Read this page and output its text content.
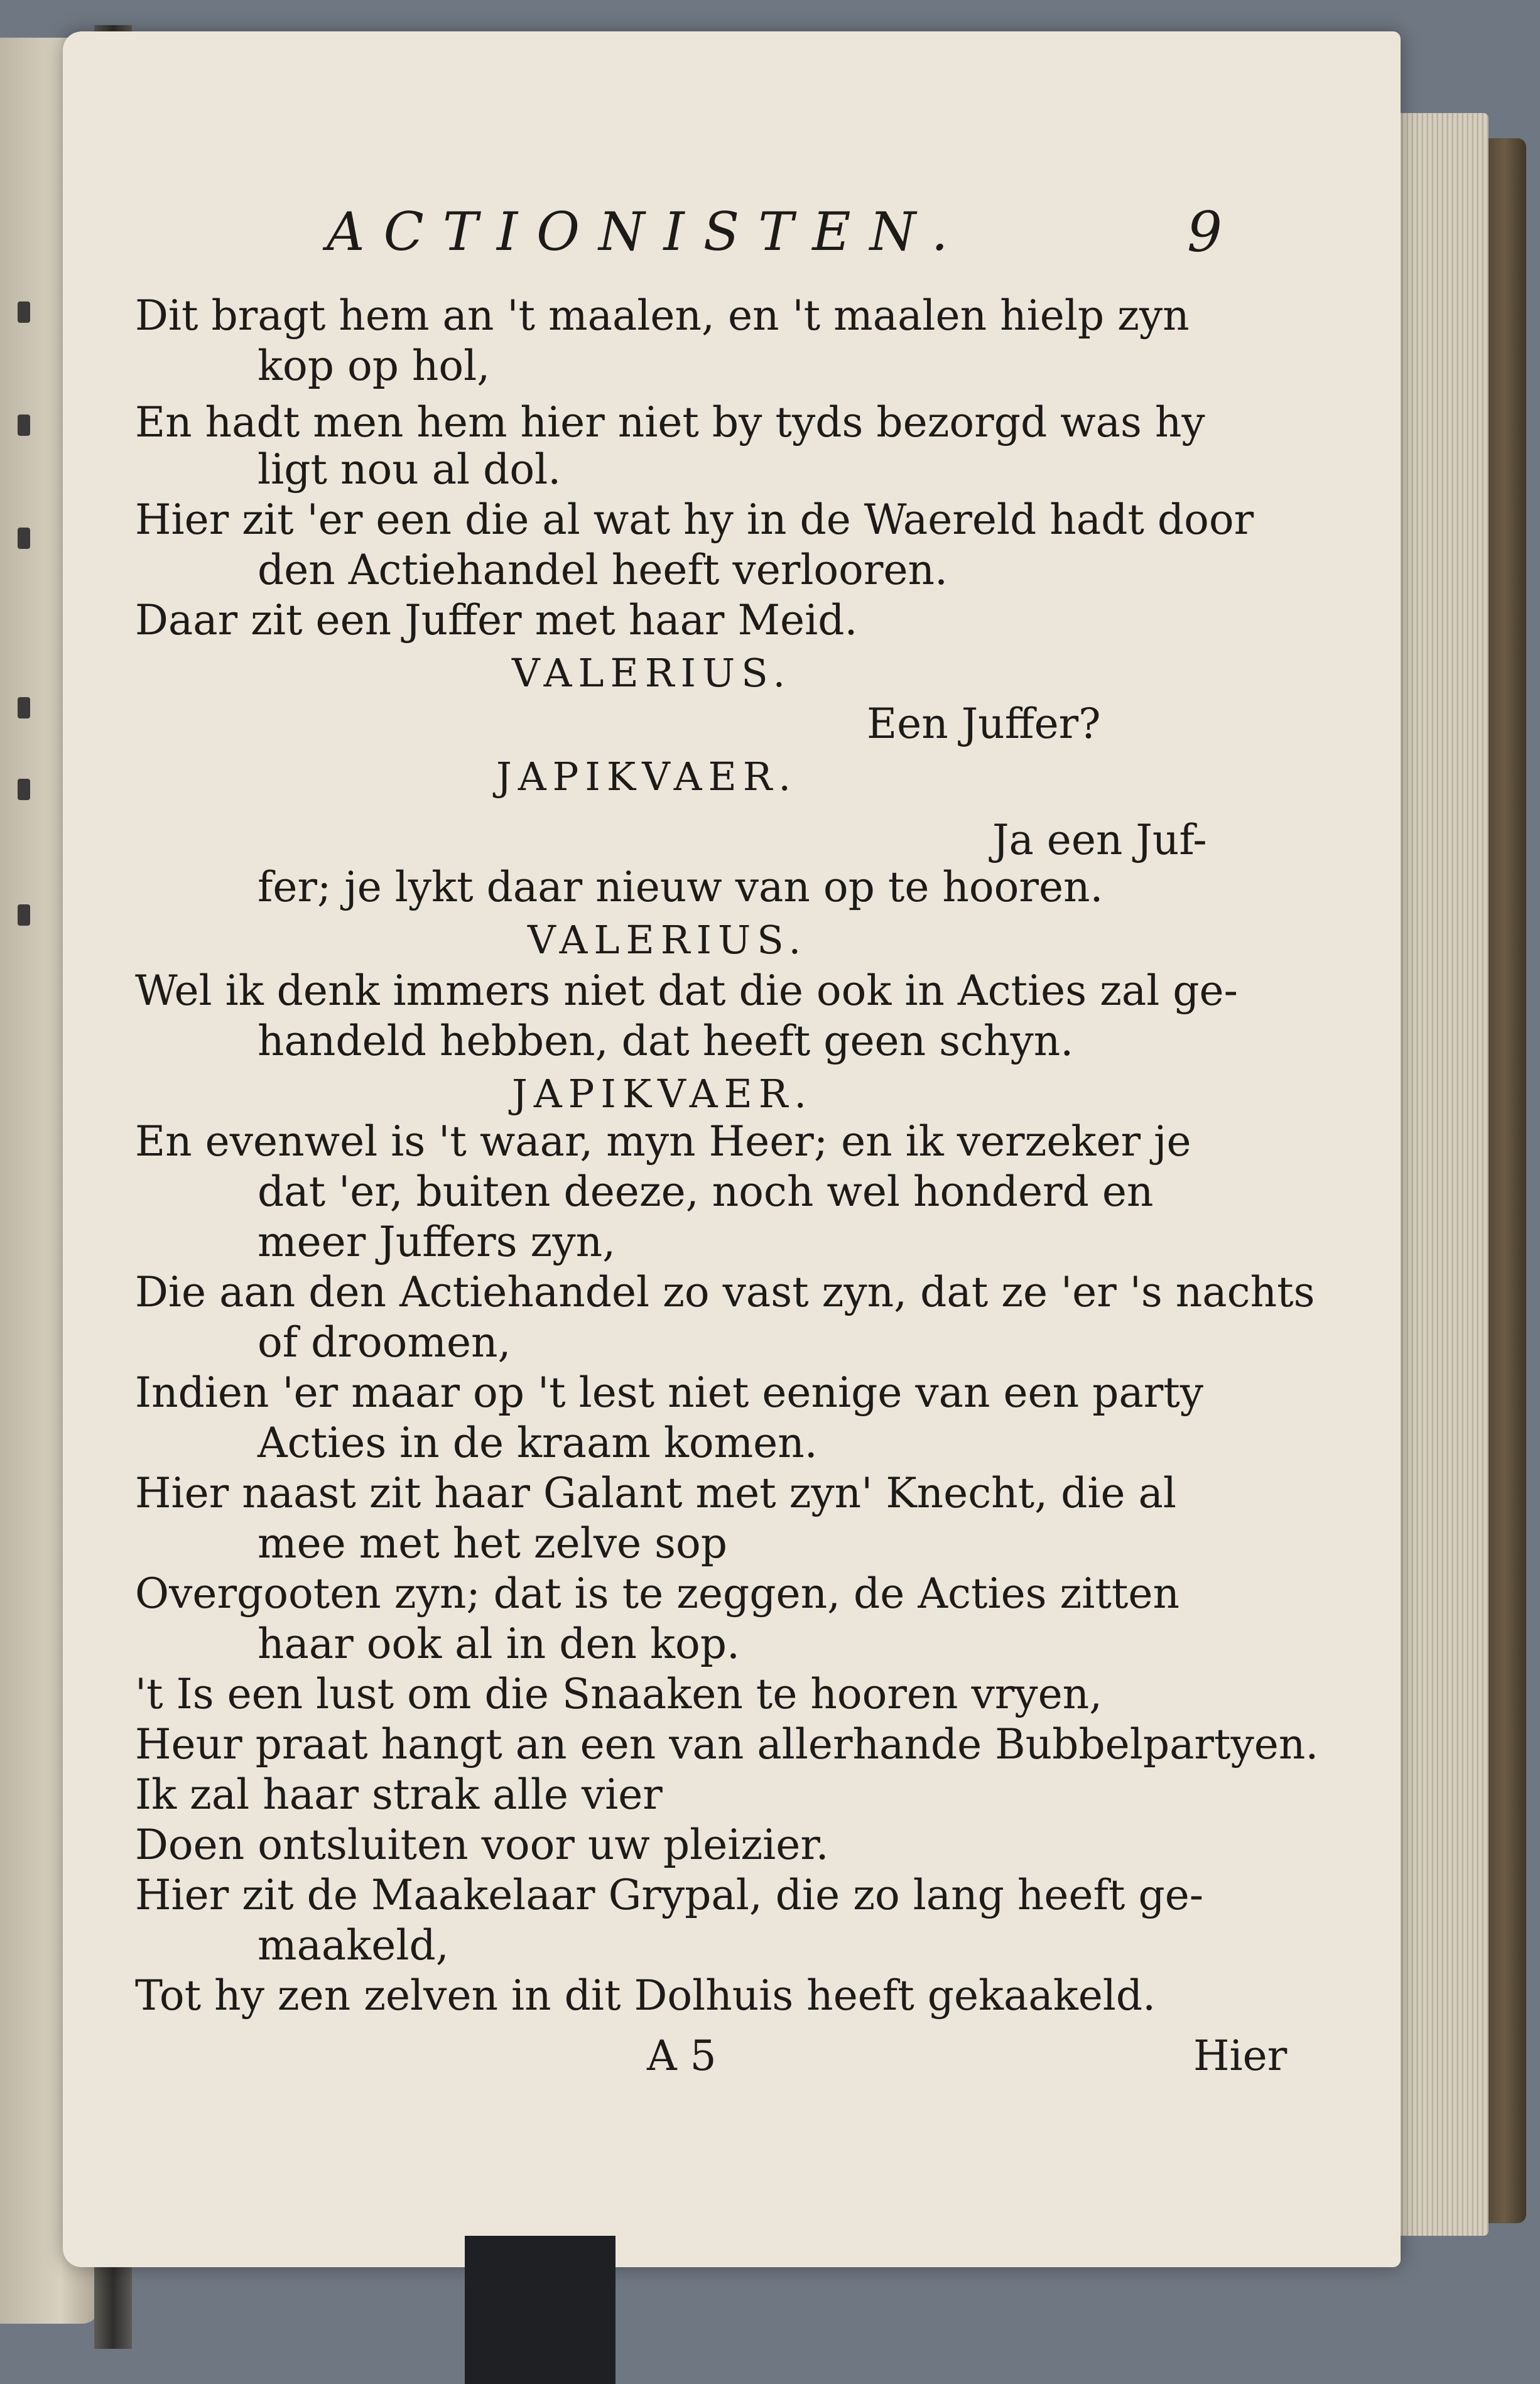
ACTIONISTEN.	9
Dit bragt hem an 't maalen, en 't maalen hielp zyn
kop op hol,
En hadt men hem hier niet by tyds bezorgd was hy
ligt nou al dol.
Hier zit 'er een die al wat hy in de Waereld hadt door
den Actiehandel heeft verlooren.
Daar zit een Juffer met haar Meid.
VALERIUS.
Een Juffer?
JAPIKVAER.
Ja een Juf-
fer; je lykt daar nieuw van op te hooren.
VALERIUS.
Wel ik denk immers niet dat die ook in Acties zal ge-
handeld hebben, dat heeft geen schyn.
JAPIKVAER.
En evenwel is 't waar, myn Heer; en ik verzeker je
dat 'er, buiten deeze, noch wel honderd en
meer Juffers zyn,
Die aan den Actiehandel zo vast zyn, dat ze 'er 's nachts
of droomen,
Indien 'er maar op 't lest niet eenige van een party
Acties in de kraam komen.
Hier naast zit haar Galant met zyn' Knecht, die al
mee met het zelve sop
Overgooten zyn; dat is te zeggen, de Acties zitten
haar ook al in den kop.
't Is een lust om die Snaaken te hooren vryen,
Heur praat hangt an een van allerhande Bubbelpartyen.
Ik zal haar strak alle vier
Doen ontsluiten voor uw pleizier.
Hier zit de Maakelaar Grypal, die zo lang heeft ge-
maakeld,
Tot hy zen zelven in dit Dolhuis heeft gekaakeld.
A 5	Hier
